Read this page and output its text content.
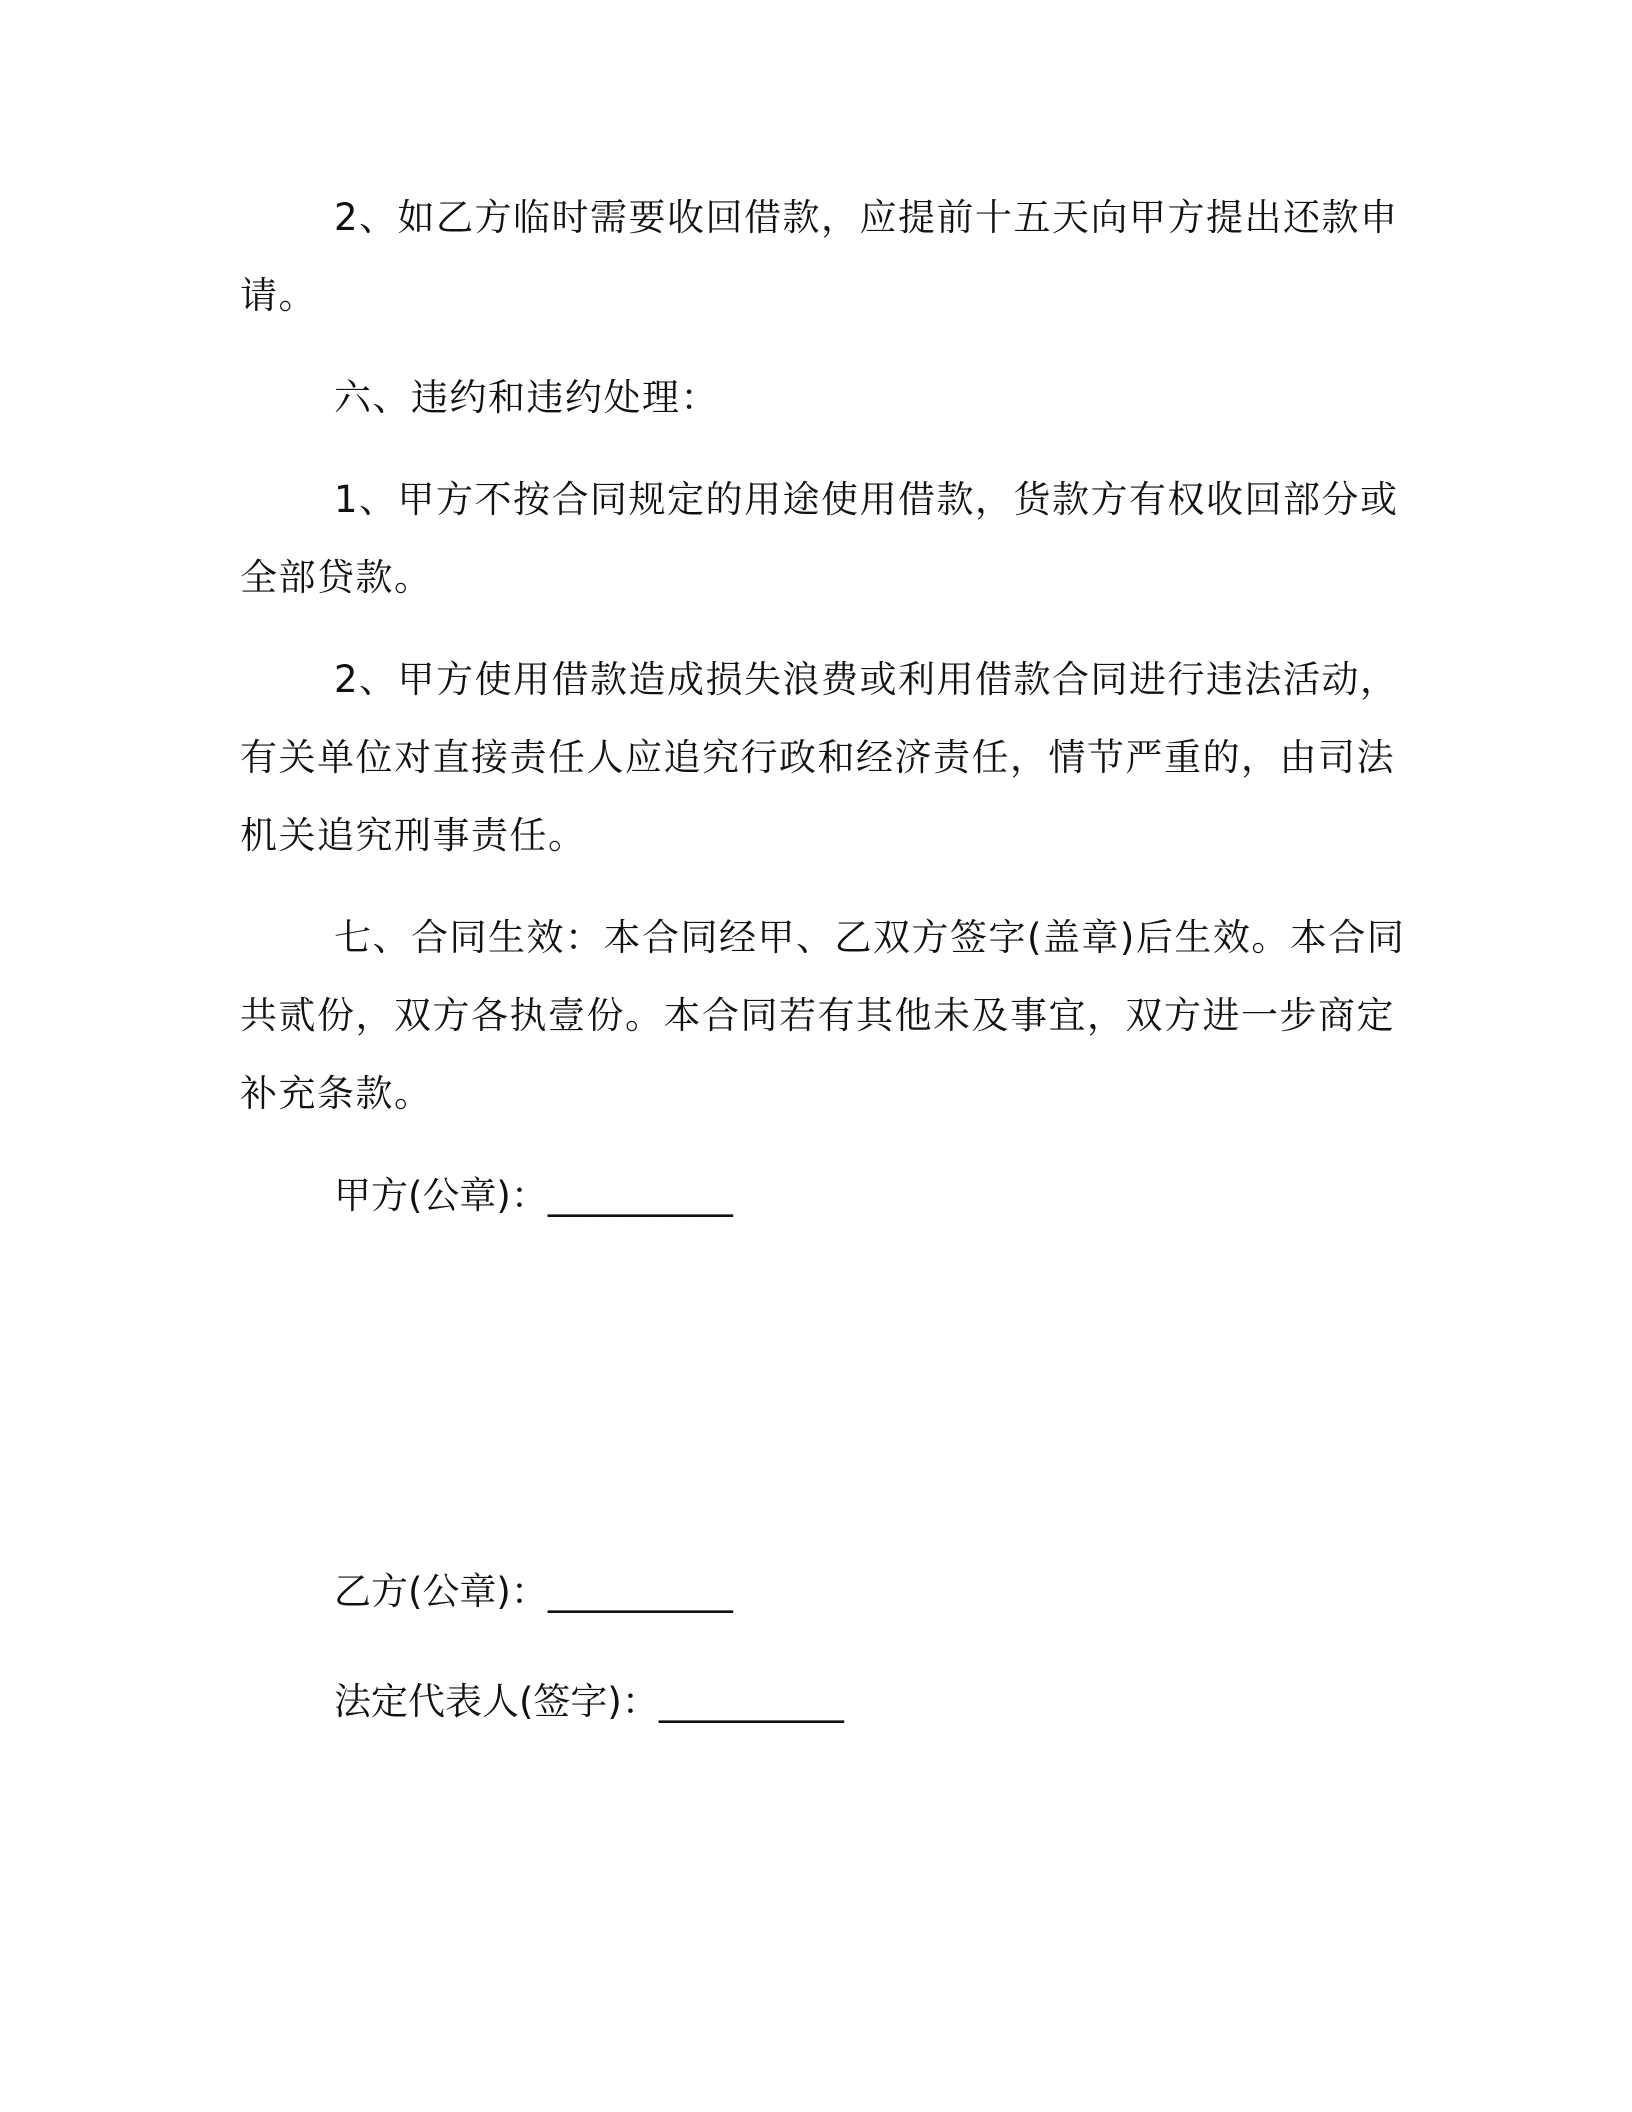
2、如乙方临时需要收回借款，应提前十五天向甲方提出还款申
请。
六、违约和违约处理：
1、甲方不按合同规定的用途使用借款，货款方有权收回部分或
全部贷款。
2、甲方使用借款造成损失浪费或利用借款合同进行违法活动，
有关单位对直接责任人应追究行政和经济责任，情节严重的，由司法
机关追究刑事责任。
七、合同生效：本合同经甲、乙双方签字(盖章)后生效。本合同
共贰份，双方各执壹份。本合同若有其他未及事宜，双方进一步商定
补充条款。
甲方(公章)：__________
乙方(公章)：__________
法定代表人(签字)：__________
